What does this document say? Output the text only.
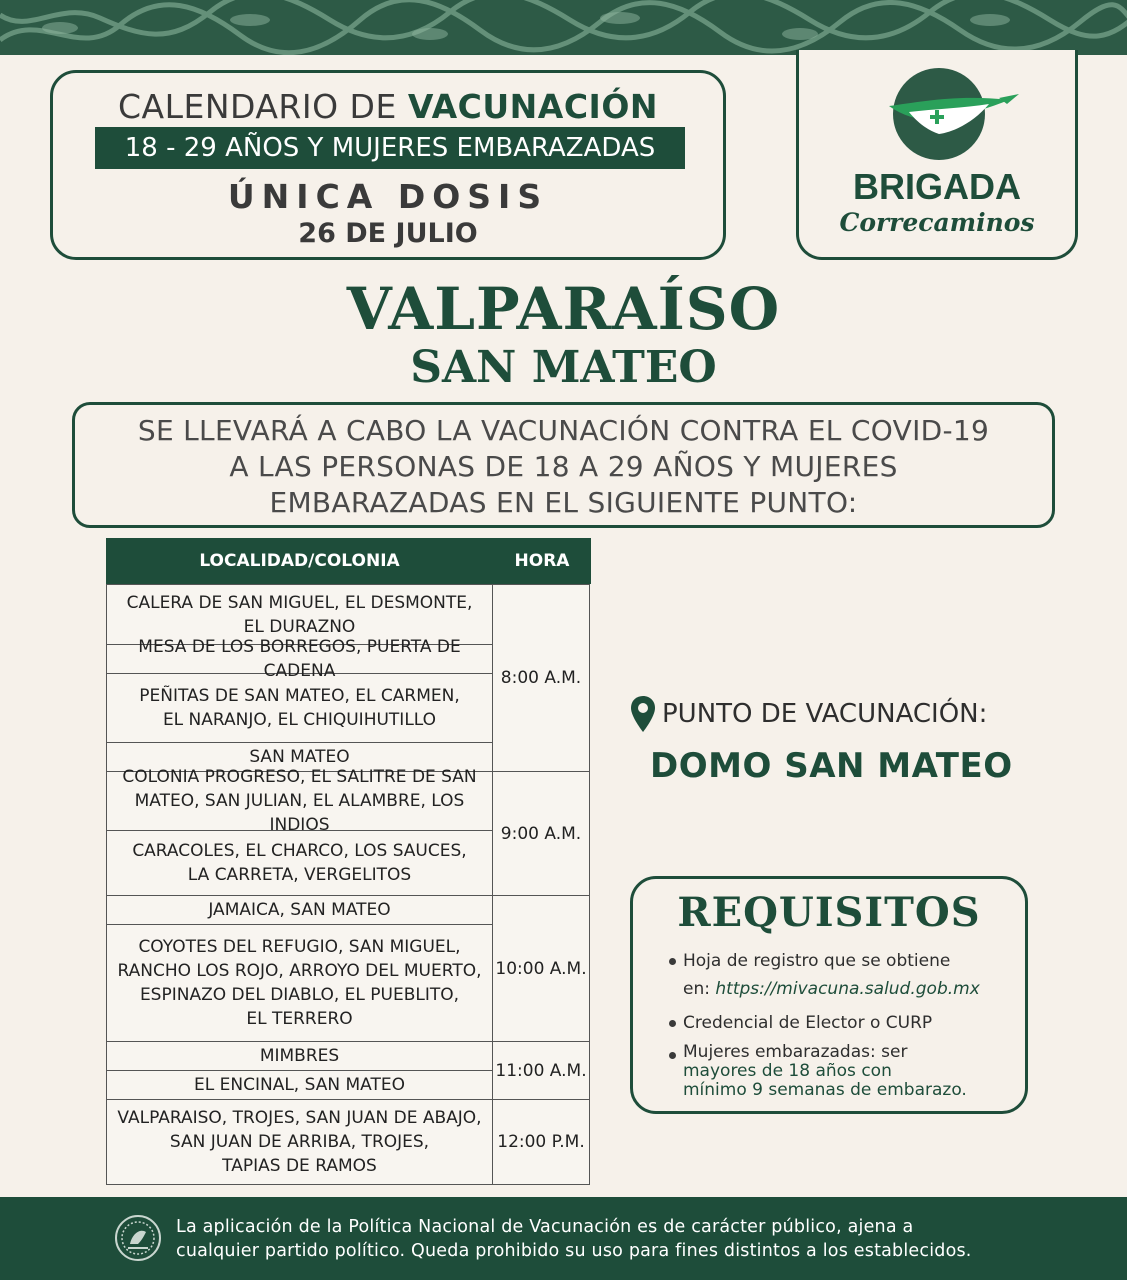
CALENDARIO DE VACUNACIÓN
18 - 29 AÑOS Y MUJERES EMBARAZADAS
ÚNICA DOSIS
26 DE JULIO
BRIGADA
Correcaminos
VALPARAÍSO
SAN MATEO
SE LLEVARÁ A CABO LA VACUNACIÓN CONTRA EL COVID-19
A LAS PERSONAS DE 18 A 29 AÑOS Y MUJERES
EMBARAZADAS EN EL SIGUIENTE PUNTO:
LOCALIDAD/COLONIA	HORA
CALERA DE SAN MIGUEL, EL DESMONTE,
EL DURAZNO
MESA DE LOS BORREGOS, PUERTA DE CADENA
PEÑITAS DE SAN MATEO, EL CARMEN,
EL NARANJO, EL CHIQUIHUTILLO
SAN MATEO
COLONIA PROGRESO, EL SALITRE DE SAN
MATEO, SAN JULIAN, EL ALAMBRE, LOS INDIOS
CARACOLES, EL CHARCO, LOS SAUCES,
LA CARRETA, VERGELITOS
JAMAICA, SAN MATEO
COYOTES DEL REFUGIO, SAN MIGUEL,
RANCHO LOS ROJO, ARROYO DEL MUERTO,
ESPINAZO DEL DIABLO, EL PUEBLITO,
EL TERRERO
MIMBRES
EL ENCINAL, SAN MATEO
VALPARAISO, TROJES, SAN JUAN DE ABAJO,
SAN JUAN DE ARRIBA, TROJES,
TAPIAS DE RAMOS
8:00 A.M.
9:00 A.M.
10:00 A.M.
11:00 A.M.
12:00 P.M.
PUNTO DE VACUNACIÓN:
DOMO SAN MATEO
REQUISITOS
Hoja de registro que se obtiene
en: https://mivacuna.salud.gob.mx
Credencial de Elector o CURP
Mujeres embarazadas: ser
mayores de 18 años con
mínimo 9 semanas de embarazo.
La aplicación de la Política Nacional de Vacunación es de carácter público, ajena a
cualquier partido político. Queda prohibido su uso para fines distintos a los establecidos.
